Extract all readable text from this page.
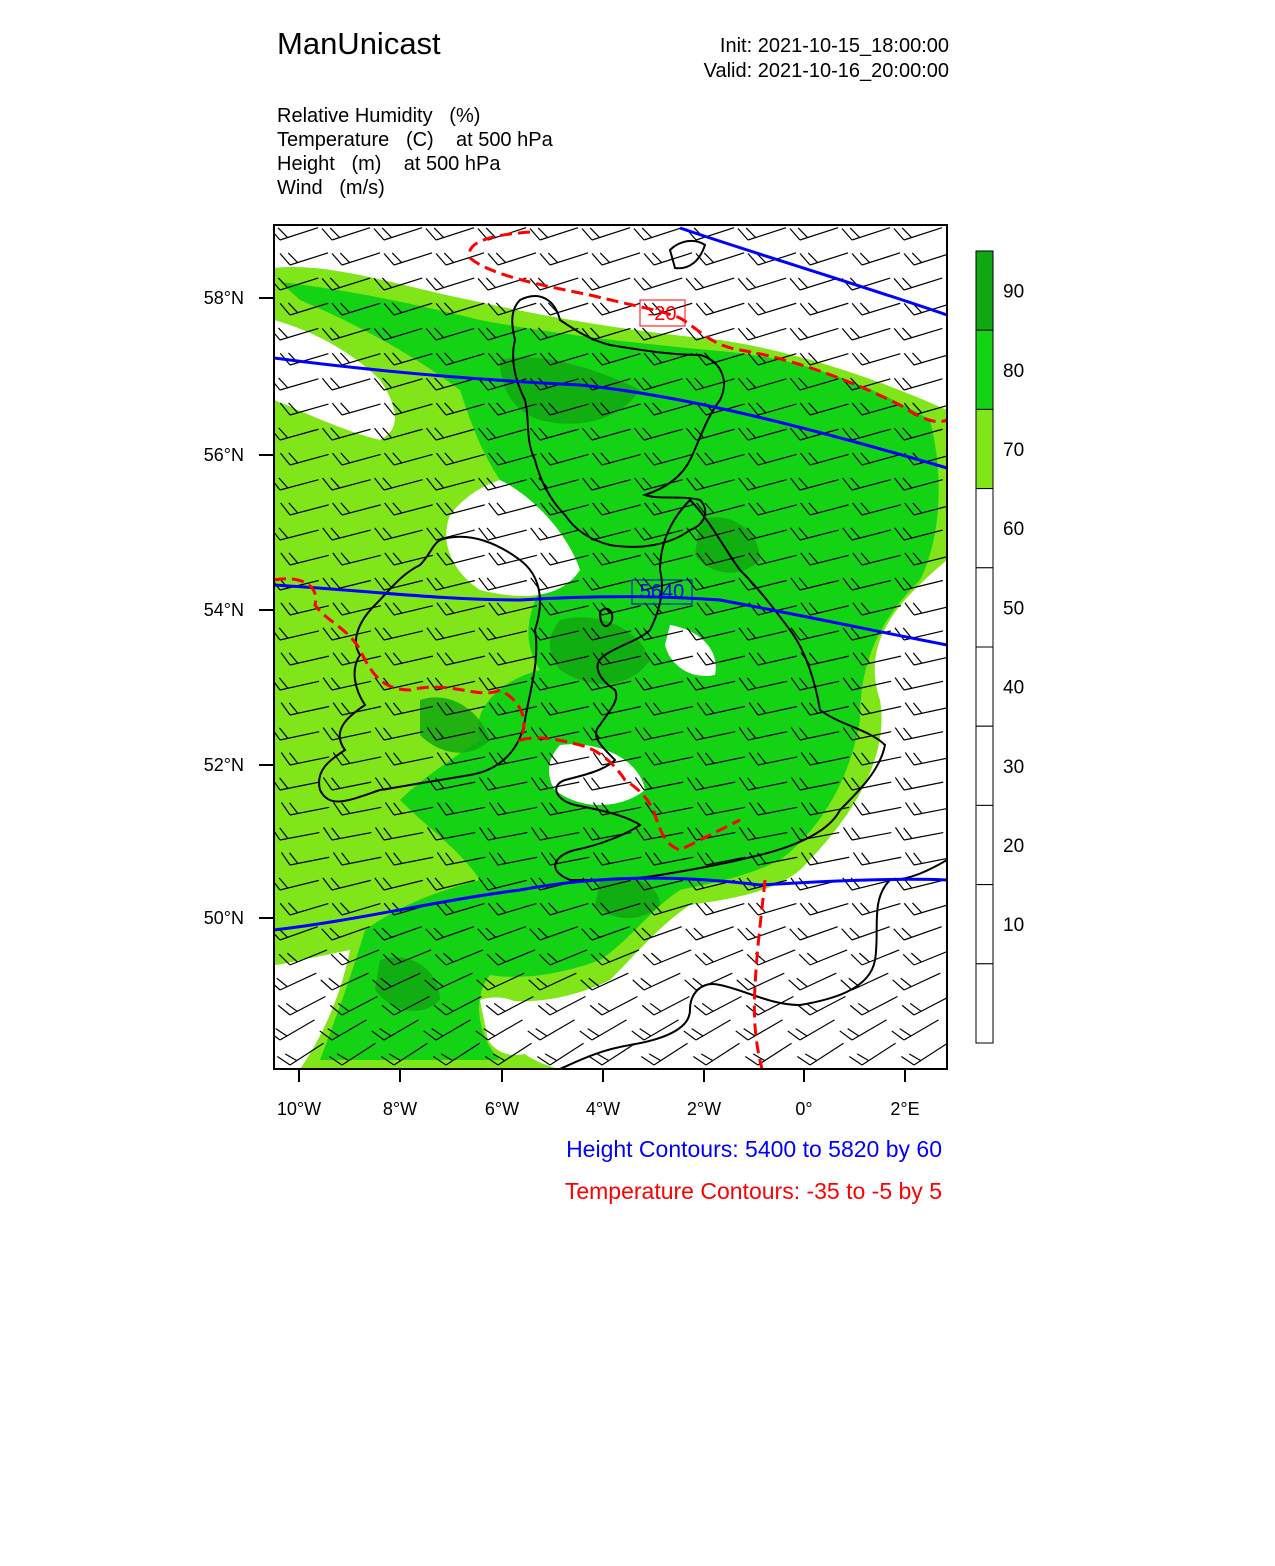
ManUnicast	Init: 2021-10-15_18:00:00
Valid: 2021-10-16_20:00:00
Relative Humidity (%)
Temperature (C) at 500 hPa
Height (m) at 500 hPa
Wind (m/s)
5640
-20
10°W	8°W	6°W	4°W	2°W	0°	2°E
58°N
56°N
54°N
52°N
50°N
90
80
70
60
50
40
30
20
10
Height Contours: 5400 to 5820 by 60
Temperature Contours: -35 to -5 by 5
